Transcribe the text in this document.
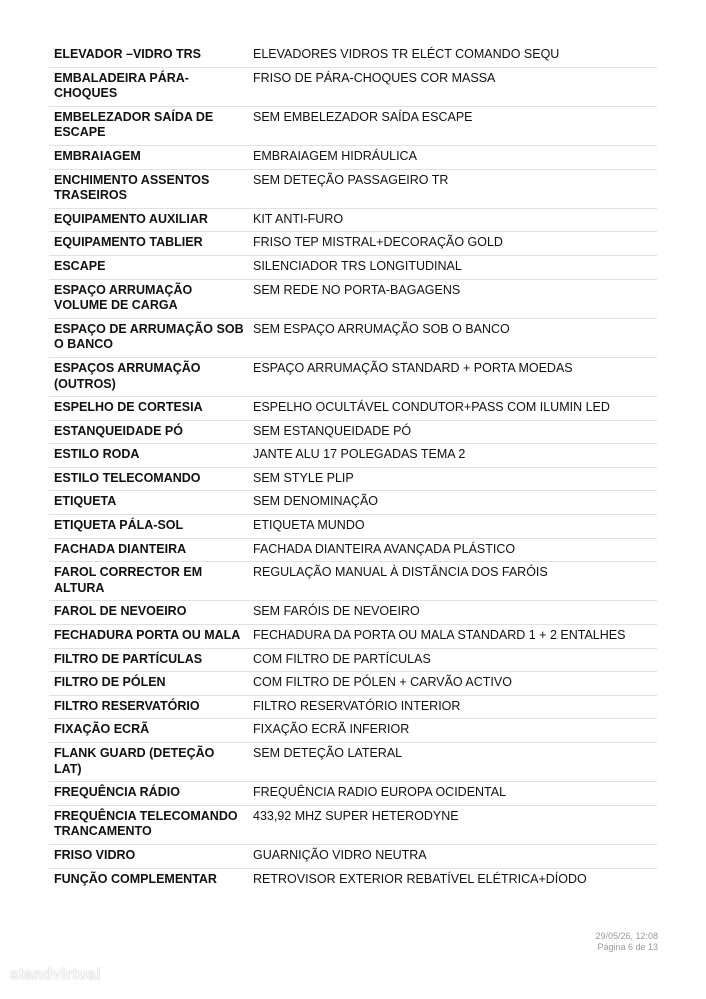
ELEVADOR –VIDRO TRS	ELEVADORES VIDROS TR ELÉCT COMANDO SEQU
EMBALADEIRA PÁRA-CHOQUES	FRISO DE PÁRA-CHOQUES COR MASSA
EMBELEZADOR SAÍDA DE ESCAPE	SEM EMBELEZADOR SAÍDA ESCAPE
EMBRAIAGEM	EMBRAIAGEM HIDRÁULICA
ENCHIMENTO ASSENTOS TRASEIROS	SEM DETEÇÃO PASSAGEIRO TR
EQUIPAMENTO AUXILIAR	KIT ANTI-FURO
EQUIPAMENTO TABLIER	FRISO TEP MISTRAL+DECORAÇÃO GOLD
ESCAPE	SILENCIADOR TRS LONGITUDINAL
ESPAÇO ARRUMAÇÃO VOLUME DE CARGA	SEM REDE NO PORTA-BAGAGENS
ESPAÇO DE ARRUMAÇÃO SOB O BANCO	SEM ESPAÇO ARRUMAÇÃO SOB O BANCO
ESPAÇOS ARRUMAÇÃO (OUTROS)	ESPAÇO ARRUMAÇÃO STANDARD + PORTA MOEDAS
ESPELHO DE CORTESIA	ESPELHO OCULTÁVEL CONDUTOR+PASS COM ILUMIN LED
ESTANQUEIDADE PÓ	SEM ESTANQUEIDADE PÓ
ESTILO RODA	JANTE ALU 17 POLEGADAS TEMA 2
ESTILO TELECOMANDO	SEM STYLE PLIP
ETIQUETA	SEM DENOMINAÇÃO
ETIQUETA PÁLA-SOL	ETIQUETA MUNDO
FACHADA DIANTEIRA	FACHADA DIANTEIRA AVANÇADA PLÁSTICO
FAROL CORRECTOR EM ALTURA	REGULAÇÃO MANUAL À DISTÂNCIA DOS FARÓIS
FAROL DE NEVOEIRO	SEM FARÓIS DE NEVOEIRO
FECHADURA PORTA OU MALA	FECHADURA DA PORTA OU MALA STANDARD 1 + 2 ENTALHES
FILTRO DE PARTÍCULAS	COM FILTRO DE PARTÍCULAS
FILTRO DE PÓLEN	COM FILTRO DE PÓLEN + CARVÃO ACTIVO
FILTRO RESERVATÓRIO	FILTRO RESERVATÓRIO INTERIOR
FIXAÇÃO ECRÃ	FIXAÇÃO ECRÃ INFERIOR
FLANK GUARD (DETEÇÃO LAT)	SEM DETEÇÃO LATERAL
FREQUÊNCIA RÁDIO	FREQUÊNCIA RADIO EUROPA OCIDENTAL
FREQUÊNCIA TELECOMANDO TRANCAMENTO	433,92 MHZ SUPER HETERODYNE
FRISO VIDRO	GUARNIÇÃO VIDRO NEUTRA
FUNÇÃO COMPLEMENTAR	RETROVISOR EXTERIOR REBATÍVEL ELÉTRICA+DÍODO
29/05/26, 12:08
Página 6 de 13
standvirtual
